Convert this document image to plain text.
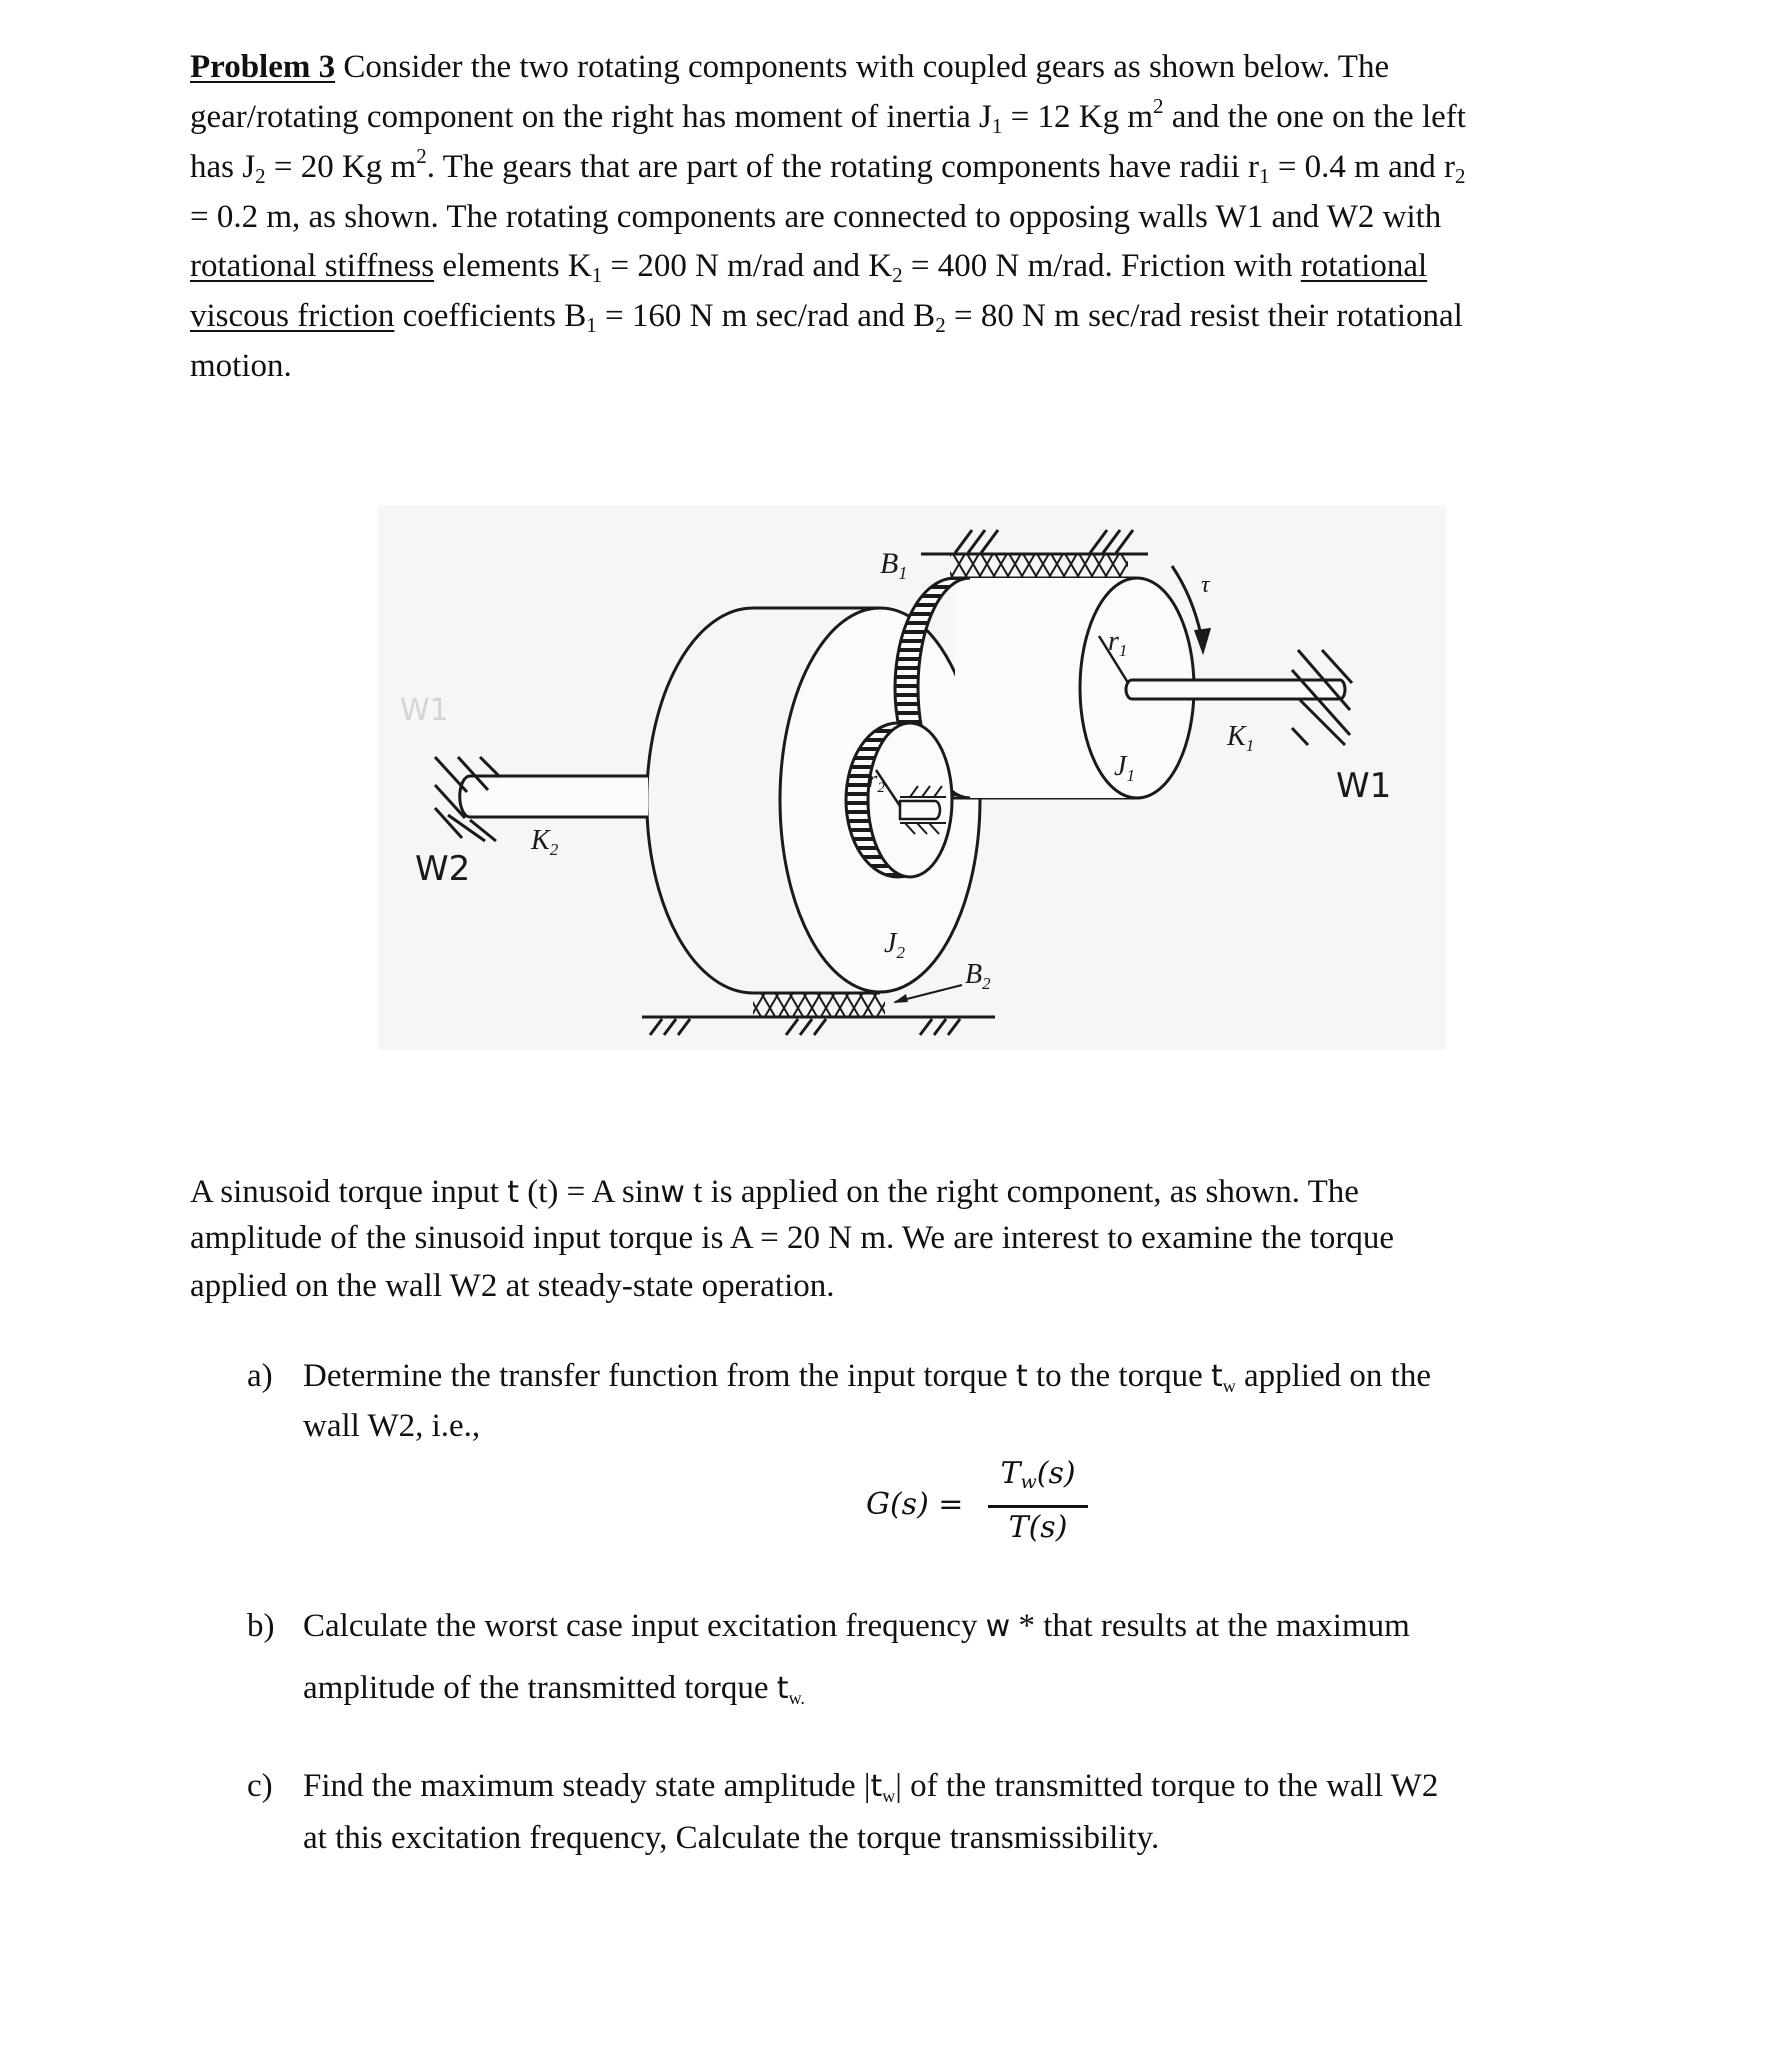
Problem 3 Consider the two rotating components with coupled gears as shown below. The
gear/rotating component on the right has moment of inertia $J_1 = 12$ Kg $m^2$ and the one on the left
has $J_2 = 20$ Kg $m^2$. The gears that are part of the rotating components have radii $r_1 = 0.4$ m and $r_2$
= 0.2 m, as shown. The rotating components are connected to opposing walls W1 and W2 with
rotational stiffness elements $K_1 = 200$ N m/rad and $K_2 = 400$ N m/rad. Friction with rotational
viscous friction coefficients $B_1 = 160$ N m sec/rad and $B_2 = 80$ N m sec/rad resist their rotational
motion.
W1
$B_1$	τ
$r_1$
$J_1$
$K_1$
W1
$r_2$
$K_2$
W2
$J_2$
$B_2$
A sinusoid torque input t (t) = A sinw t is applied on the right component, as shown. The
amplitude of the sinusoid input torque is A = 20 N m. We are interest to examine the torque
applied on the wall W2 at steady-state operation.
a) Determine the transfer function from the input torque t to the torque tw applied on the
wall W2, i.e.,
G(s) =
$T_w(s)$
T(s)
b) Calculate the worst case input excitation frequency w * that results at the maximum
amplitude of the transmitted torque tw.
c) Find the maximum steady state amplitude |tw| of the transmitted torque to the wall W2
at this excitation frequency, Calculate the torque transmissibility.
